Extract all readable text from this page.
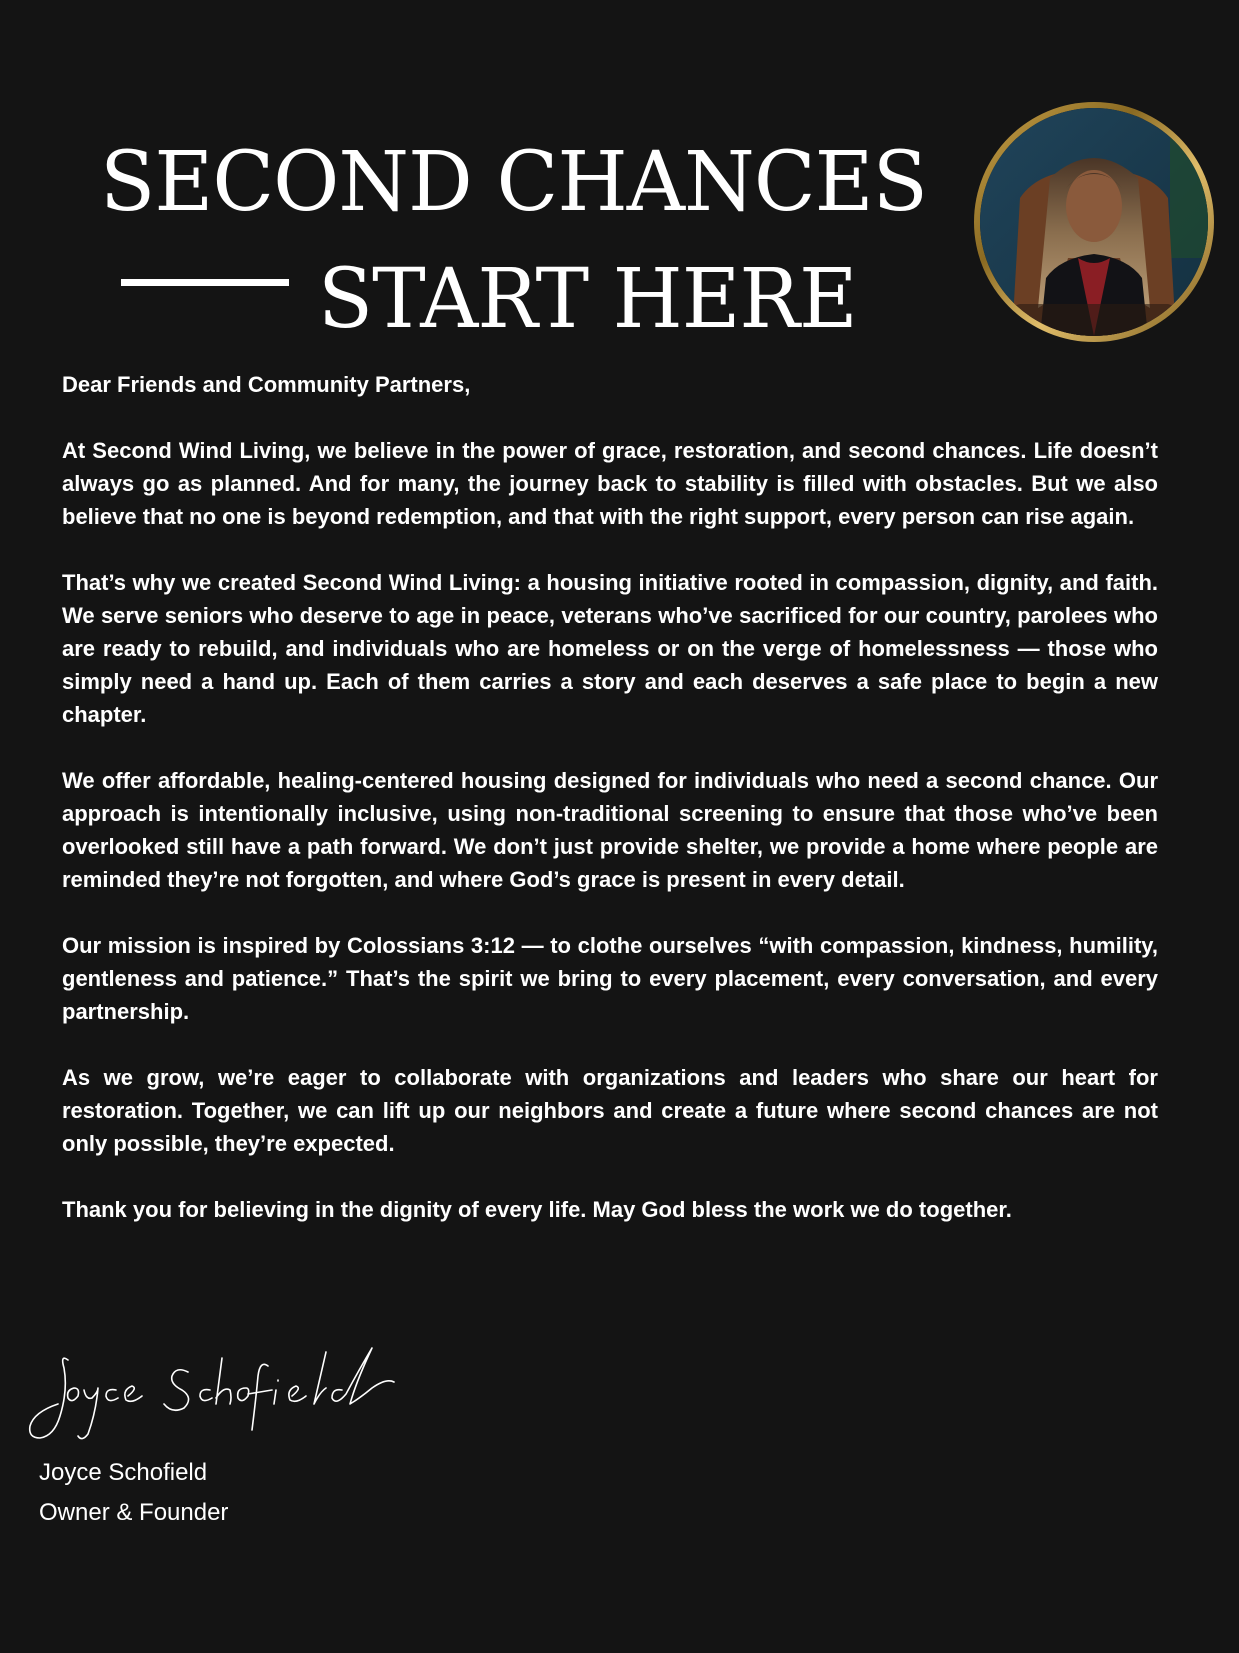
SECOND CHANCES
START HERE

Dear Friends and Community Partners,

At Second Wind Living, we believe in the power of grace, restoration, and second chances. Life doesn’t always go as planned. And for many, the journey back to stability is filled with obstacles. But we also believe that no one is beyond redemption, and that with the right support, every person can rise again.

That’s why we created Second Wind Living: a housing initiative rooted in compassion, dignity, and faith. We serve seniors who deserve to age in peace, veterans who’ve sacrificed for our country, parolees who are ready to rebuild, and individuals who are homeless or on the verge of homelessness — those who simply need a hand up. Each of them carries a story and each deserves a safe place to begin a new chapter.

We offer affordable, healing-centered housing designed for individuals who need a second chance. Our approach is intentionally inclusive, using non-traditional screening to ensure that those who’ve been overlooked still have a path forward. We don’t just provide shelter, we provide a home where people are reminded they’re not forgotten, and where God’s grace is present in every detail.

Our mission is inspired by Colossians 3:12 — to clothe ourselves “with compassion, kindness, humility, gentleness and patience.” That’s the spirit we bring to every placement, every conversation, and every partnership.

As we grow, we’re eager to collaborate with organizations and leaders who share our heart for restoration. Together, we can lift up our neighbors and create a future where second chances are not only possible, they’re expected.

Thank you for believing in the dignity of every life. May God bless the work we do together.

Joyce Schofield
Owner & Founder
